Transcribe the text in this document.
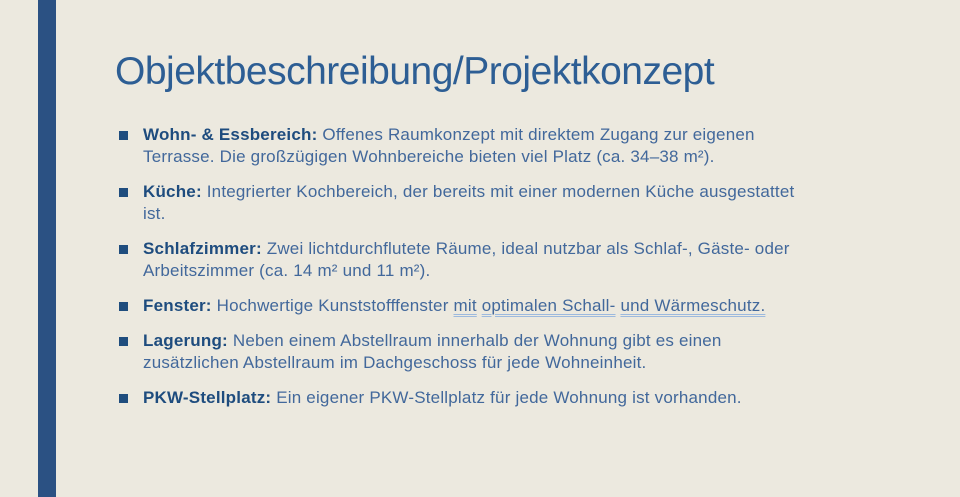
Objektbeschreibung/Projektkonzept
Wohn- & Essbereich: Offenes Raumkonzept mit direktem Zugang zur eigenen
Terrasse. Die großzügigen Wohnbereiche bieten viel Platz (ca. 34–38 m²).
Küche: Integrierter Kochbereich, der bereits mit einer modernen Küche ausgestattet
ist.
Schlafzimmer: Zwei lichtdurchflutete Räume, ideal nutzbar als Schlaf-, Gäste- oder
Arbeitszimmer (ca. 14 m² und 11 m²).
Fenster: Hochwertige Kunststofffenster mit optimalen Schall- und Wärmeschutz.
Lagerung: Neben einem Abstellraum innerhalb der Wohnung gibt es einen
zusätzlichen Abstellraum im Dachgeschoss für jede Wohneinheit.
PKW-Stellplatz: Ein eigener PKW-Stellplatz für jede Wohnung ist vorhanden.
